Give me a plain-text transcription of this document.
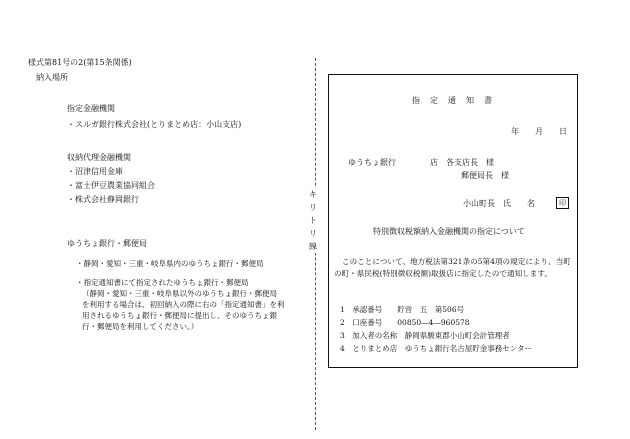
様式第81号の2(第15条関係)
納入場所
指定金融機関
・スルガ銀行株式会社(とりまとめ店：小山支店)
収納代理金融機関
・沼津信用金庫
・富士伊豆農業協同組合
・株式会社静岡銀行
ゆうちょ銀行・郵便局
・静岡・愛知・三重・岐阜県内のゆうちょ銀行・郵便局
・指定通知書にて指定されたゆうちょ銀行・郵便局
（静岡・愛知・三重・岐阜県以外のゆうちょ銀行・郵便局
を利用する場合は、初回納入の際に右の「指定通知書」を利
用されるゆうちょ銀行・郵便局に提出し、そのゆうちょ銀
行・郵便局を利用してください。）
キ
リ
ト
リ
線
指　定　通　知　書
年　　月　　日
ゆうちょ銀行	店　各支店長　様
郵便局長　様
小山町長　氏　　名	印
特別徴収税額納入金融機関の指定について
このことについて、地方税法第321条の5第4項の規定により、当町の町・県民税(特別徴収税額)取扱店に指定したので通知します。
1　承認番号　　貯営　五　第506号
2　口座番号　　00850―4―960578
3　加入者の名称　静岡県駿東郡小山町会計管理者
4　とりまとめ店　ゆうちょ銀行名古屋貯金事務センター
